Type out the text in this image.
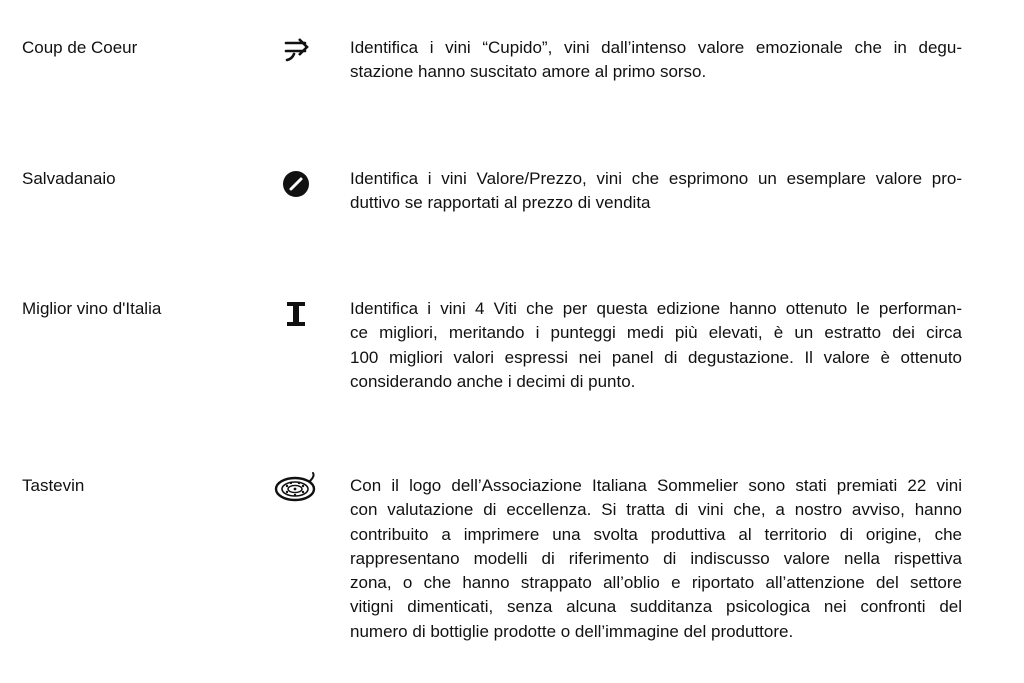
Coup de Coeur	Identifica i vini “Cupido”, vini dall’intenso valore emozionale che in degu-
stazione hanno suscitato amore al primo sorso.
Salvadanaio	Identifica i vini Valore/Prezzo, vini che esprimono un esemplare valore pro-
duttivo se rapportati al prezzo di vendita
Miglior vino d'Italia	Identifica i vini 4 Viti che per questa edizione hanno ottenuto le performan-
ce migliori, meritando i punteggi medi più elevati, è un estratto dei circa
100 migliori valori espressi nei panel di degustazione. Il valore è ottenuto
considerando anche i decimi di punto.
Tastevin	Con il logo dell’Associazione Italiana Sommelier sono stati premiati 22 vini
con valutazione di eccellenza. Si tratta di vini che, a nostro avviso, hanno
contribuito a imprimere una svolta produttiva al territorio di origine, che
rappresentano modelli di riferimento di indiscusso valore nella rispettiva
zona, o che hanno strappato all’oblio e riportato all’attenzione del settore
vitigni dimenticati, senza alcuna sudditanza psicologica nei confronti del
numero di bottiglie prodotte o dell’immagine del produttore.
